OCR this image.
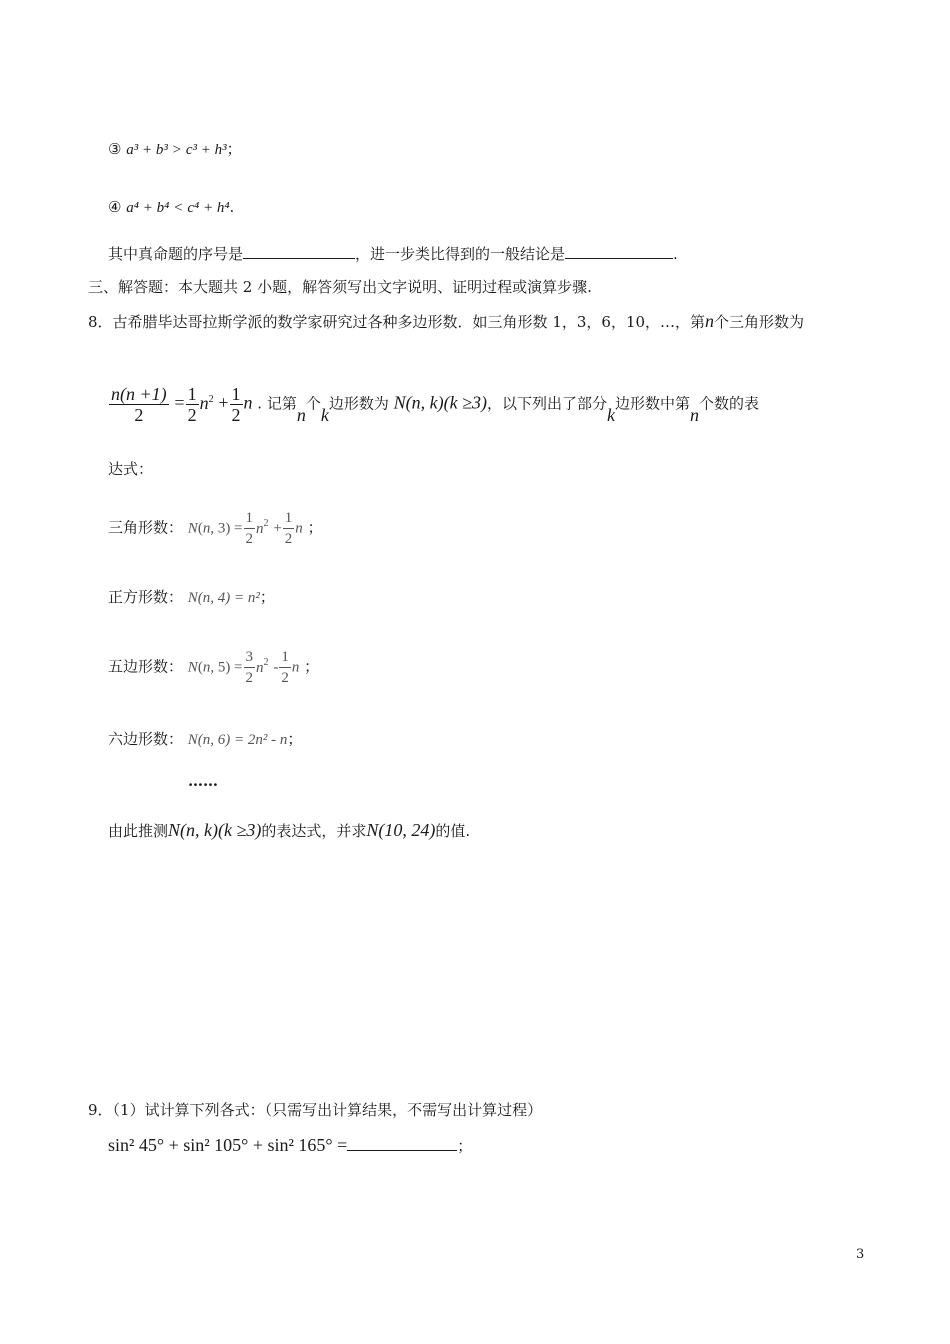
③ a³ + b³ > c³ + h³；
④ a⁴ + b⁴ < c⁴ + h⁴.
其中真命题的序号是	，进一步类比得到的一般结论是	.
三、解答题：本大题共 2 小题，解答须写出文字说明、证明过程或演算步骤.
8．古希腊毕达哥拉斯学派的数学家研究过各种多边形数．如三角形数 1，3，6，10，…，第n个三角形数为
$\frac{n(n +1)}{2} = \frac{1}{2} n^2 + \frac{1}{2}$ n . 记第n个k边形数为 N(n, k)(k ≥3)，以下列出了部分k边形数中第n个数的表
达式：
三角形数： N(n, $3) = \frac{1}{2} n^2 + \frac{1}{2}$ n ；
正方形数： N(n, 4) = n²；
五边形数： N(n, $5) = \frac{3}{2} n^2 - \frac{1}{2}$ n ；
六边形数： N(n, 6) = 2n² - n；
……
由此推测N(n, k)(k ≥3)的表达式，并求N(10, 24)的值.
9．（1）试计算下列各式：（只需写出计算结果，不需写出计算过程）
sin² 45° + sin² 105° + sin² 165° =	；
3
